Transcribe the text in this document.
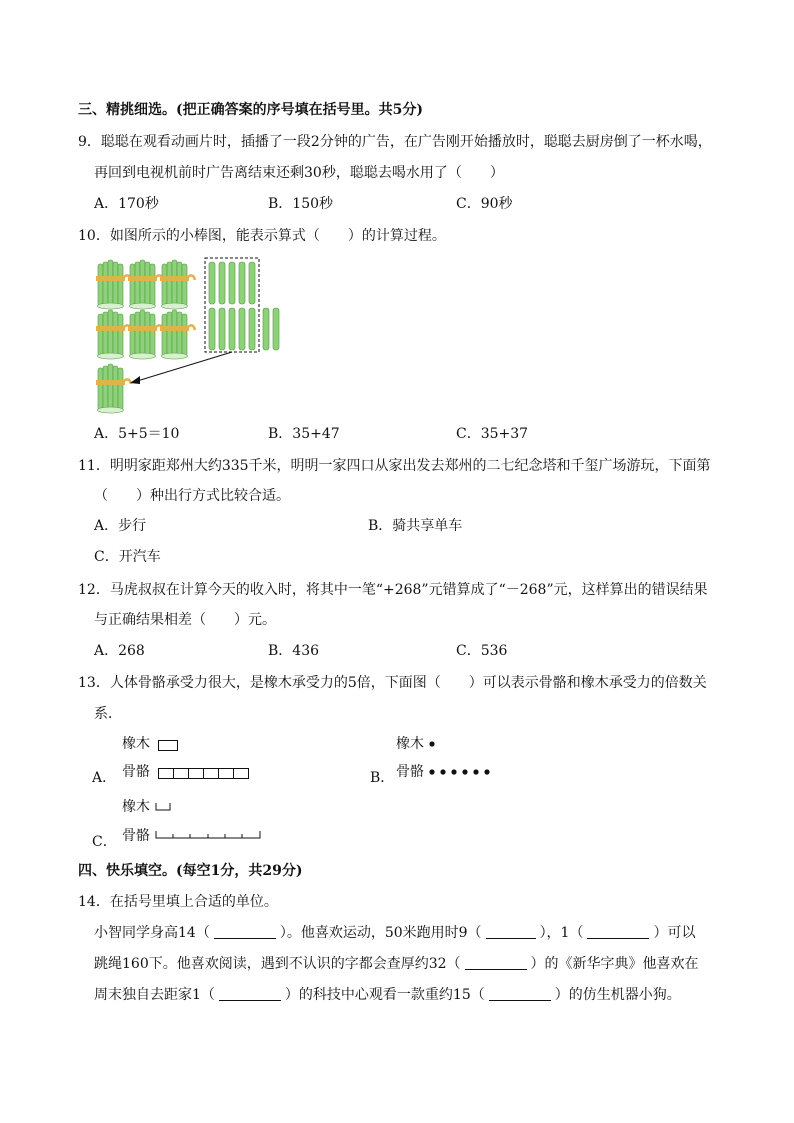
三、精挑细选。(把正确答案的序号填在括号里。共5分)
9．聪聪在观看动画片时，插播了一段2分钟的广告，在广告刚开始播放时，聪聪去厨房倒了一杯水喝，
再回到电视机前时广告离结束还剩30秒，聪聪去喝水用了（　　）
A．170秒	B．150秒	C．90秒
10．如图所示的小棒图，能表示算式（　　）的计算过程。
A．5+5＝10	B．35+47	C．35+37
11．明明家距郑州大约335千米，明明一家四口从家出发去郑州的二七纪念塔和千玺广场游玩，下面第
（　　）种出行方式比较合适。
A．步行	B．骑共享单车
C．开汽车
12．马虎叔叔在计算今天的收入时，将其中一笔“+268”元错算成了“－268”元，这样算出的错误结果
与正确结果相差（　　）元。
A．268	B．436	C．536
13．人体骨骼承受力很大，是橡木承受力的5倍，下面图（　　）可以表示骨骼和橡木承受力的倍数关
系．
橡木
A． 骨骼
橡木
B． 骨骼
橡木
C． 骨骼
四、快乐填空。(每空1分，共29分)
14．在括号里填上合适的单位。
小智同学身高14（	）。他喜欢运动，50米跑用时9（	），1（	）可以
跳绳160下。他喜欢阅读，遇到不认识的字都会查厚约32（	）的《新华字典》他喜欢在
周末独自去距家1（	）的科技中心观看一款重约15（	）的仿生机器小狗。
